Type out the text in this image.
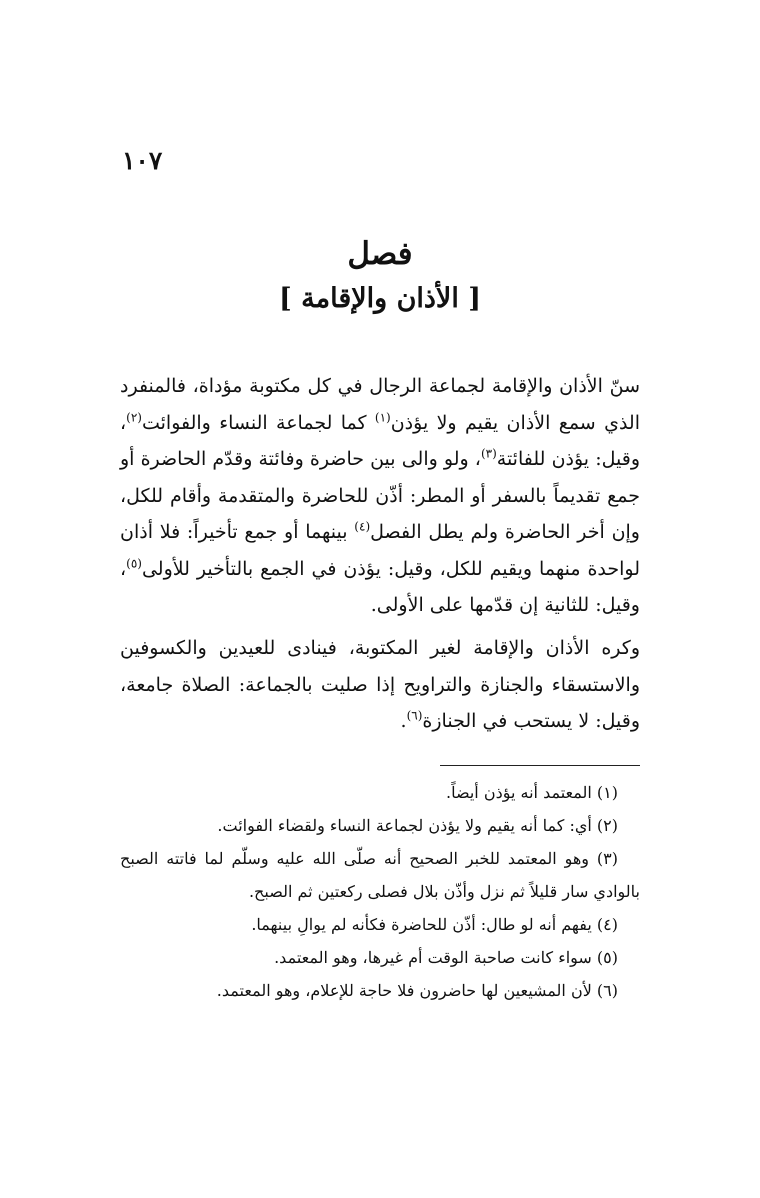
١٠٧
فصل
[ الأذان والإقامة ]

سنّ الأذان والإقامة لجماعة الرجال في كل مكتوبة مؤداة، فالمنفرد الذي سمع الأذان يقيم ولا يؤذن$^{(١)}$ كما لجماعة النساء والفوائت$^{(٢)}$، وقيل: يؤذن للفائتة$^{(٣)}$، ولو والى بين حاضرة وفائتة وقدّم الحاضرة أو جمع تقديماً بالسفر أو المطر: أذّن للحاضرة والمتقدمة وأقام للكل، وإن أخر الحاضرة ولم يطل الفصل$^{(٤)}$ بينهما أو جمع تأخيراً: فلا أذان لواحدة منهما ويقيم للكل، وقيل: يؤذن في الجمع بالتأخير للأولى$^{(٥)}$، وقيل: للثانية إن قدّمها على الأولى.

وكره الأذان والإقامة لغير المكتوبة، فينادى للعيدين والكسوفين والاستسقاء والجنازة والتراويح إذا صليت بالجماعة: الصلاة جامعة، وقيل: لا يستحب في الجنازة$^{(٦)}$.

(١) المعتمد أنه يؤذن أيضاً.

(٢) أي: كما أنه يقيم ولا يؤذن لجماعة النساء ولقضاء الفوائت.

(٣) وهو المعتمد للخبر الصحيح أنه صلّى الله عليه وسلّم لما فاتته الصبح بالوادي سار قليلاً ثم نزل وأذّن بلال فصلى ركعتين ثم الصبح.

(٤) يفهم أنه لو طال: أذّن للحاضرة فكأنه لم يوالِ بينهما.

(٥) سواء كانت صاحبة الوقت أم غيرها، وهو المعتمد.

(٦) لأن المشيعين لها حاضرون فلا حاجة للإعلام، وهو المعتمد.
